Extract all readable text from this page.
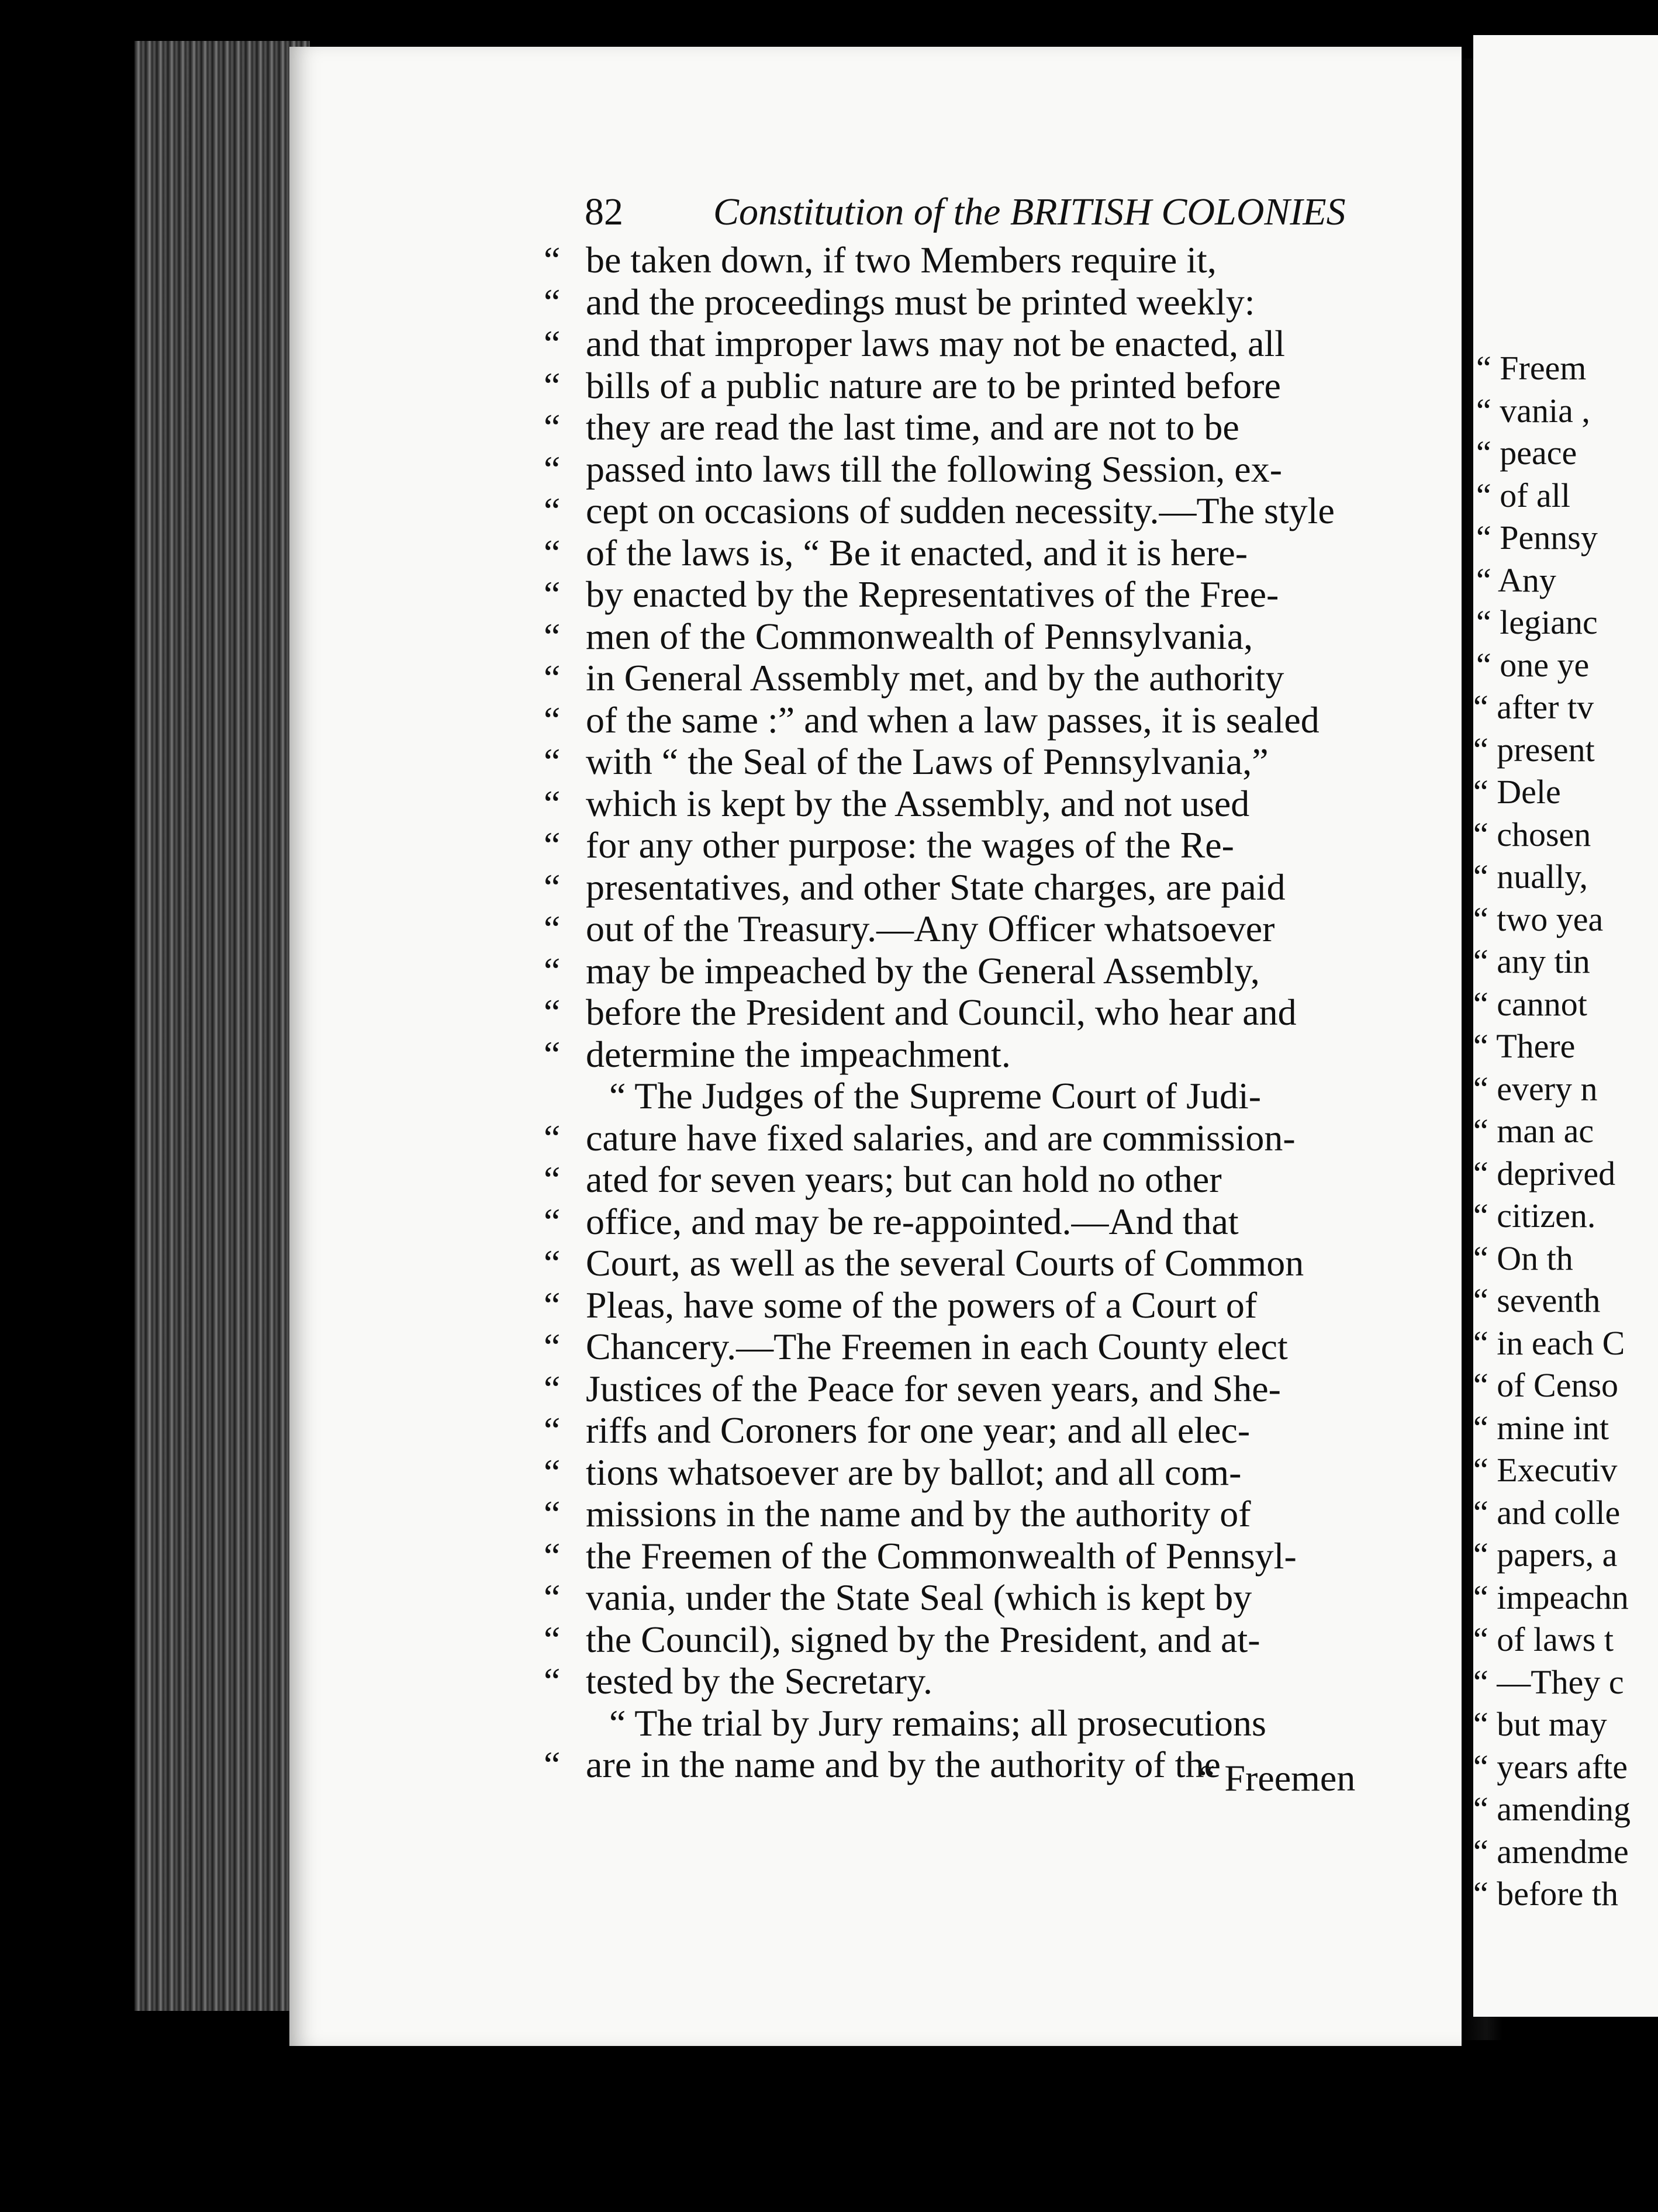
82 Constitution of the BRITISH COLONIES
“ be taken down, if two Members require it,
“ and the proceedings must be printed weekly:
“ and that improper laws may not be enacted, all
“ bills of a public nature are to be printed before
“ they are read the last time, and are not to be
“ passed into laws till the following Session, ex-
“ cept on occasions of sudden necessity.—The style
“ of the laws is, “ Be it enacted, and it is here-
“ by enacted by the Representatives of the Free-
“ men of the Commonwealth of Pennsylvania,
“ in General Assembly met, and by the authority
“ of the same :” and when a law passes, it is sealed
“ with “ the Seal of the Laws of Pennsylvania,”
“ which is kept by the Assembly, and not used
“ for any other purpose: the wages of the Re-
“ presentatives, and other State charges, are paid
“ out of the Treasury.—Any Officer whatsoever
“ may be impeached by the General Assembly,
“ before the President and Council, who hear and
“ determine the impeachment.
“ The Judges of the Supreme Court of Judi-
“ cature have fixed salaries, and are commission-
“ ated for seven years; but can hold no other
“ office, and may be re-appointed.—And that
“ Court, as well as the several Courts of Common
“ Pleas, have some of the powers of a Court of
“ Chancery.—The Freemen in each County elect
“ Justices of the Peace for seven years, and She-
“ riffs and Coroners for one year; and all elec-
“ tions whatsoever are by ballot; and all com-
“ missions in the name and by the authority of
“ the Freemen of the Commonwealth of Pennsyl-
“ vania, under the State Seal (which is kept by
“ the Council), signed by the President, and at-
“ tested by the Secretary.
“ The trial by Jury remains; all prosecutions
“ are in the name and by the authority of the
“ Freemen
“ Freem
“ vania ,
“ peace
“ of all
“ Pennsy
“ Any
“ legianc
“ one ye
“ after tv
“ present
“ Dele
“ chosen
“ nually,
“ two yea
“ any tin
“ cannot
“ There
“ every n
“ man ac
“ deprived
“ citizen.
“ On th
“ seventh
“ in each C
“ of Censo
“ mine int
“ Executiv
“ and colle
“ papers, a
“ impeachn
“ of laws t
“ —They c
“ but may
“ years afte
“ amending
“ amendme
“ before th
